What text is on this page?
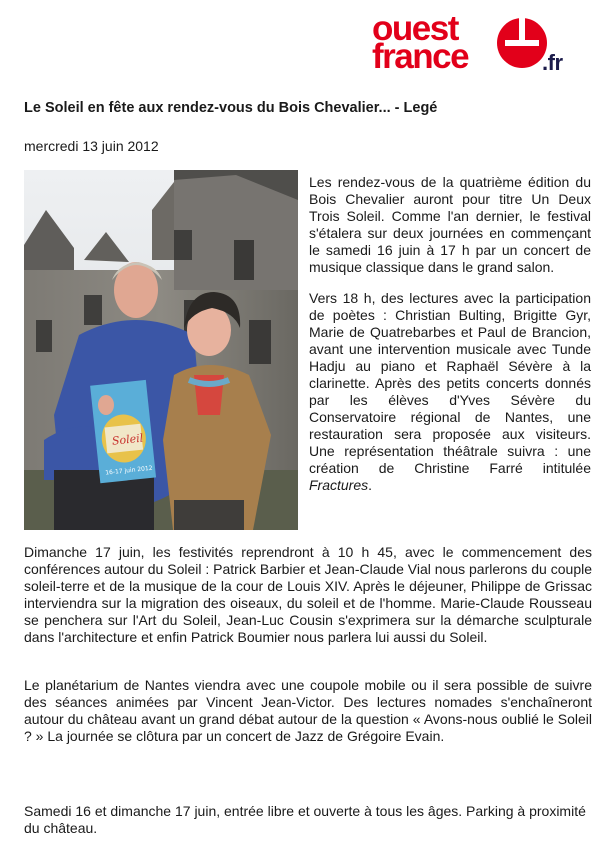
ouest
france	.fr
Le Soleil en fête aux rendez-vous du Bois Chevalier... - Legé
mercredi 13 juin 2012
Soleil
16-17 juin 2012

Les rendez-vous de la quatrième édition du Bois Chevalier auront pour titre Un Deux Trois Soleil. Comme l'an dernier, le festival s'étalera sur deux journées en commençant le samedi 16 juin à 17 h par un concert de musique classique dans le grand salon.

Vers 18 h, des lectures avec la participation de poètes : Christian Bulting, Brigitte Gyr, Marie de Quatrebarbes et Paul de Brancion, avant une intervention musicale avec Tunde Hadju au piano et Raphaël Sévère à la clarinette. Après des petits concerts donnés par les élèves d'Yves Sévère du Conservatoire régional de Nantes, une restauration sera proposée aux visiteurs. Une représentation théâtrale suivra : une création de Christine Farré intitulée Fractures.

Dimanche 17 juin, les festivités reprendront à 10 h 45, avec le commencement des conférences autour du Soleil : Patrick Barbier et Jean-Claude Vial nous parlerons du couple soleil-terre et de la musique de la cour de Louis XIV. Après le déjeuner, Philippe de Grissac interviendra sur la migration des oiseaux, du soleil et de l'homme. Marie-Claude Rousseau se penchera sur l'Art du Soleil, Jean-Luc Cousin s'exprimera sur la démarche sculpturale dans l'architecture et enfin Patrick Boumier nous parlera lui aussi du Soleil.

Le planétarium de Nantes viendra avec une coupole mobile ou il sera possible de suivre des séances animées par Vincent Jean-Victor. Des lectures nomades s'enchaîneront autour du château avant un grand débat autour de la question « Avons-nous oublié le Soleil ? » La journée se clôtura par un concert de Jazz de Grégoire Evain.

Samedi 16 et dimanche 17 juin, entrée libre et ouverte à tous les âges. Parking à proximité du château.
